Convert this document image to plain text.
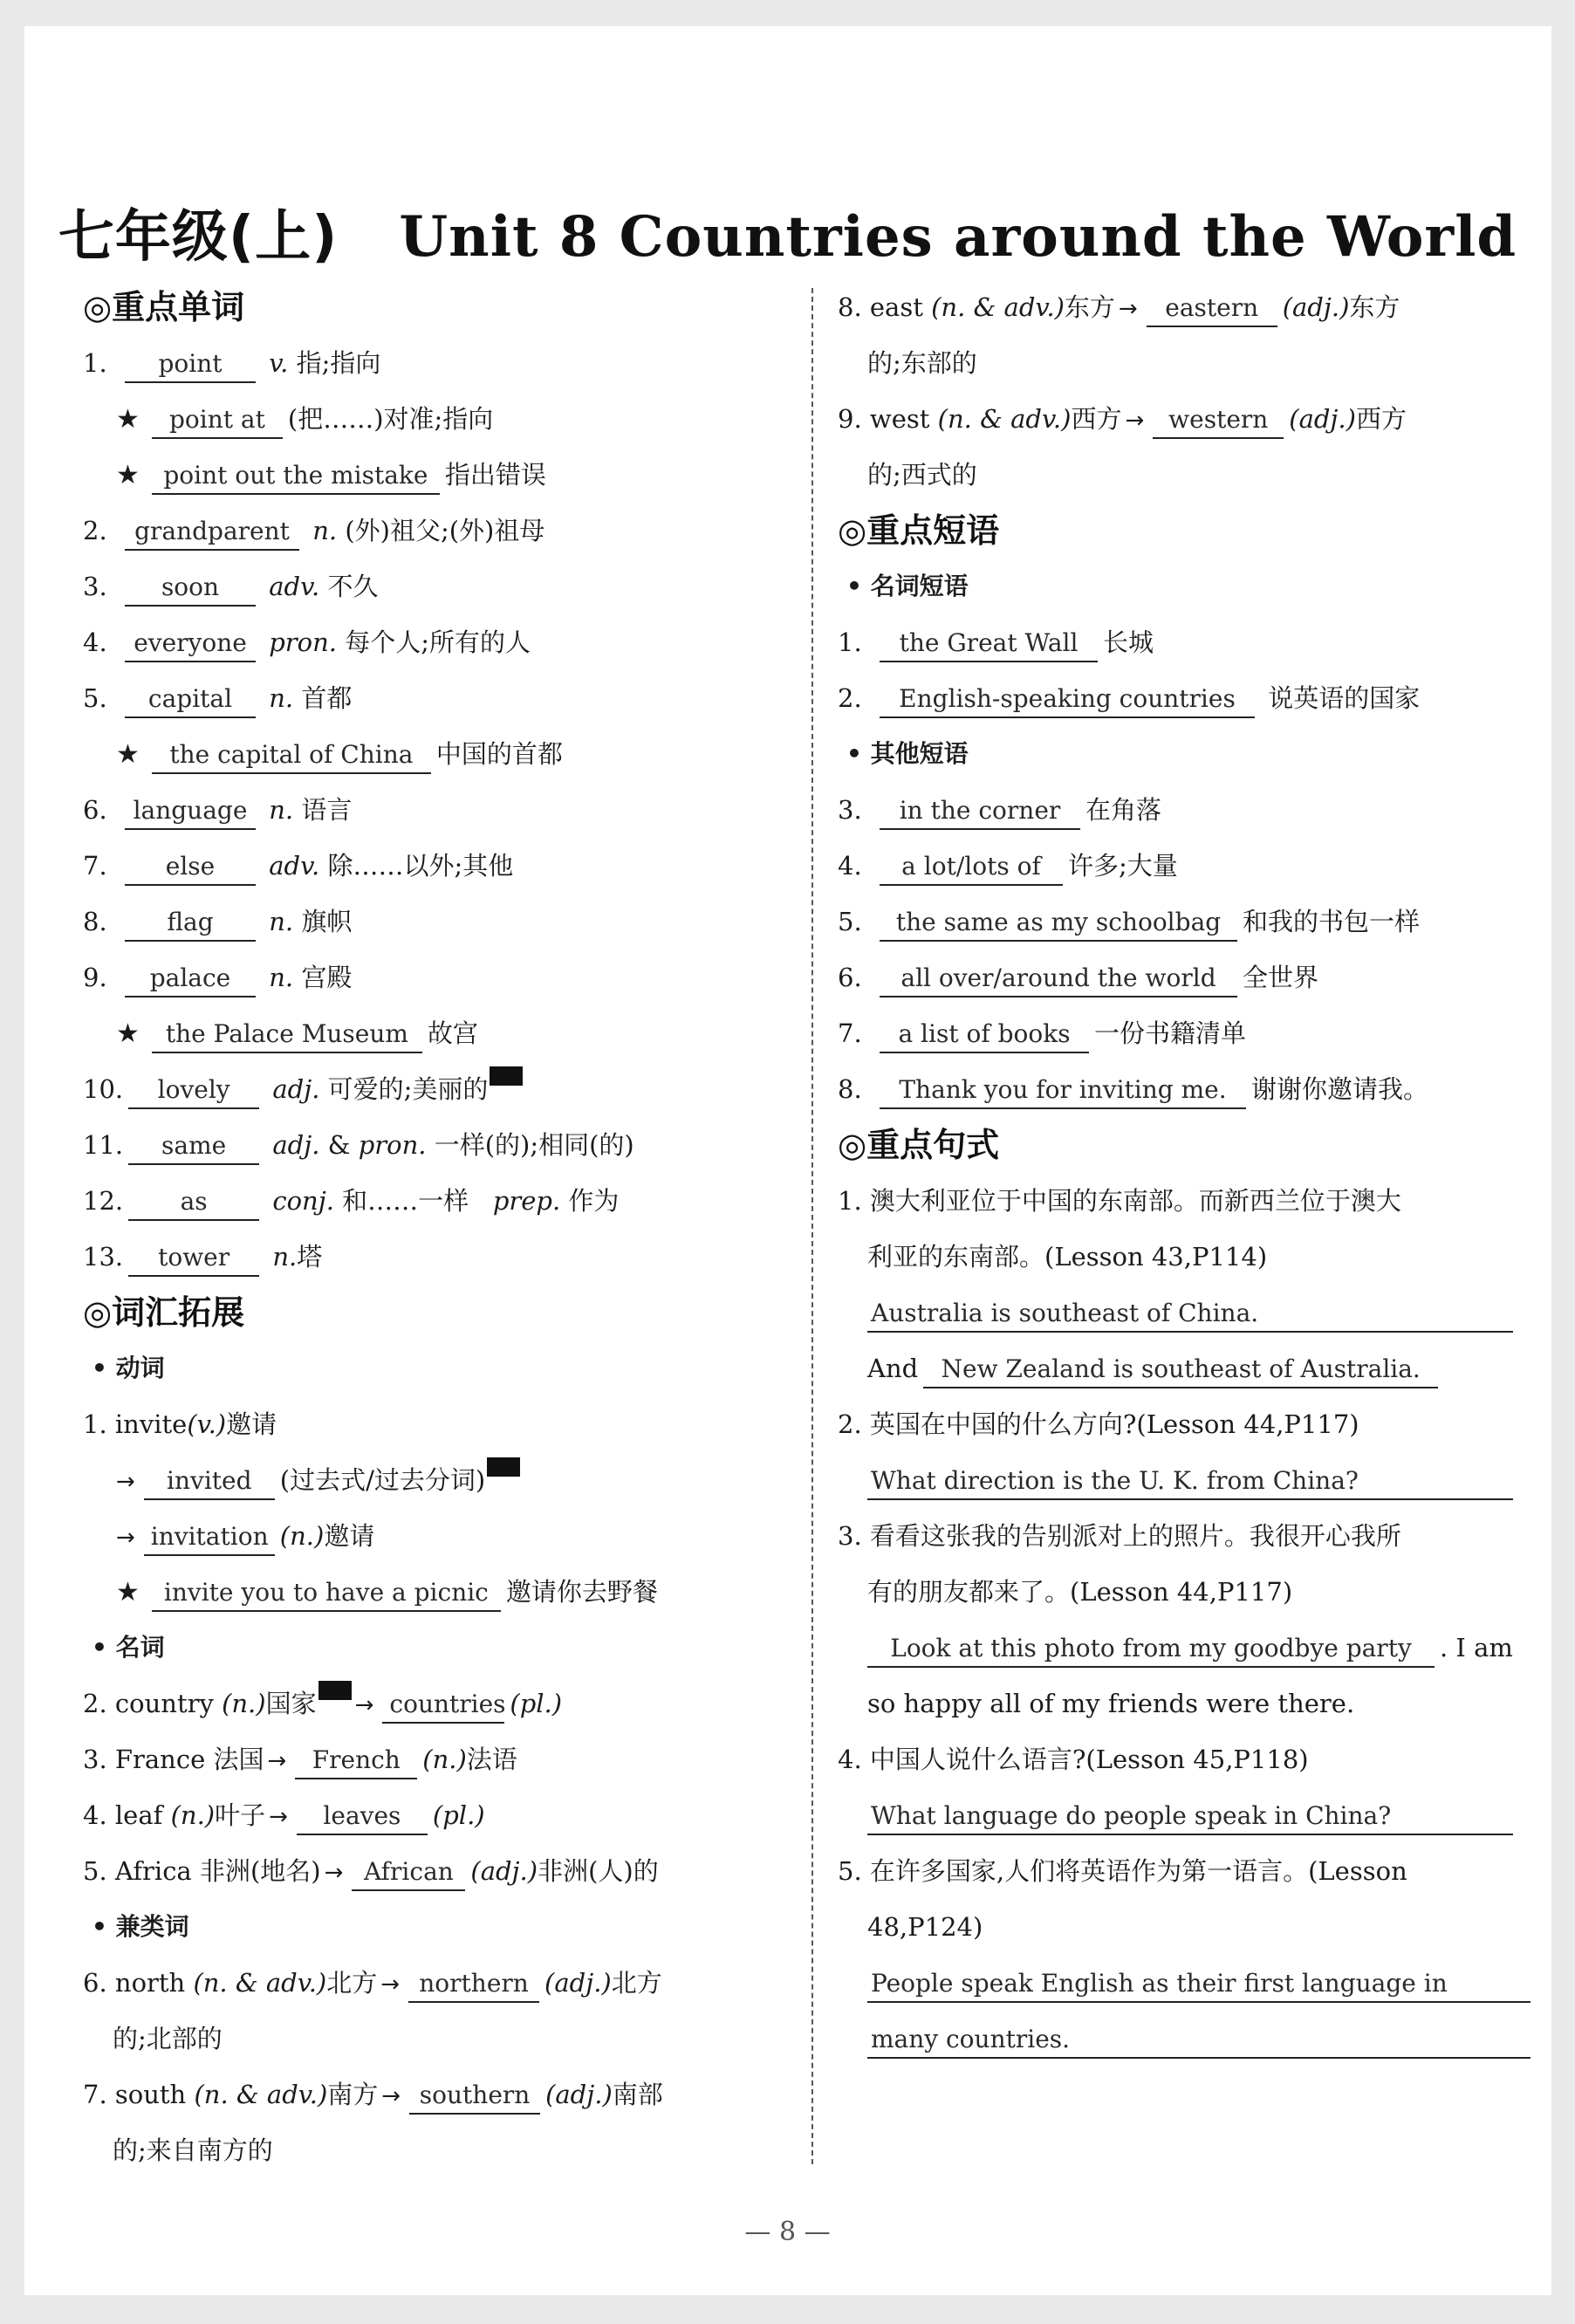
七年级(上) Unit 8 Countries around the World
◎重点单词
1. point v. 指;指向
★ point at (把……)对准;指向
★ point out the mistake 指出错误
2. grandparent n. (外)祖父;(外)祖母
3. soon adv. 不久
4. everyone pron. 每个人;所有的人
5. capital n. 首都
★ the capital of China 中国的首都
6. language n. 语言
7. else adv. 除……以外;其他
8. flag n. 旗帜
9. palace n. 宫殿
★ the Palace Museum 故宫
10. lovely adj. 可爱的;美丽的
11. same adj. & pron. 一样(的);相同(的)
12. as	conj. 和……一样 prep. 作为
13. tower n.塔
◎词汇拓展
• 动词
1. invite(v.)邀请
→ invited (过去式/过去分词)
→ invitation (n.)邀请
★ invite you to have a picnic 邀请你去野餐
• 名词
2. country (n.)国家 → countries (pl.)
3. France 法国 → French (n.)法语
4. leaf (n.)叶子 → leaves (pl.)
5. Africa 非洲(地名) → African (adj.)非洲(人)的
• 兼类词
6. north (n. & adv.)北方 → northern (adj.)北方
的;北部的
7. south (n. & adv.)南方 → southern (adj.)南部
的;来自南方的
8. east (n. & adv.)东方 → eastern (adj.)东方
的;东部的
9. west (n. & adv.)西方 → western (adj.)西方
的;西式的
◎重点短语
• 名词短语
1. the Great Wall 长城
2. English-speaking countries 说英语的国家
• 其他短语
3. in the corner 在角落
4. a lot/lots of 许多;大量
5. the same as my schoolbag 和我的书包一样
6. all over/around the world 全世界
7. a list of books 一份书籍清单
8. Thank you for inviting me. 谢谢你邀请我。
◎重点句式
1. 澳大利亚位于中国的东南部。而新西兰位于澳大
利亚的东南部。(Lesson 43,P114)
Australia is southeast of China.
And New Zealand is southeast of Australia.
2. 英国在中国的什么方向?(Lesson 44,P117)
What direction is the U. K. from China?
3. 看看这张我的告别派对上的照片。我很开心我所
有的朋友都来了。(Lesson 44,P117)
Look at this photo from my goodbye party . I am
so happy all of my friends were there.
4. 中国人说什么语言?(Lesson 45,P118)
What language do people speak in China?
5. 在许多国家,人们将英语作为第一语言。(Lesson
48,P124)
People speak English as their first language in
many countries.
— 8 —
